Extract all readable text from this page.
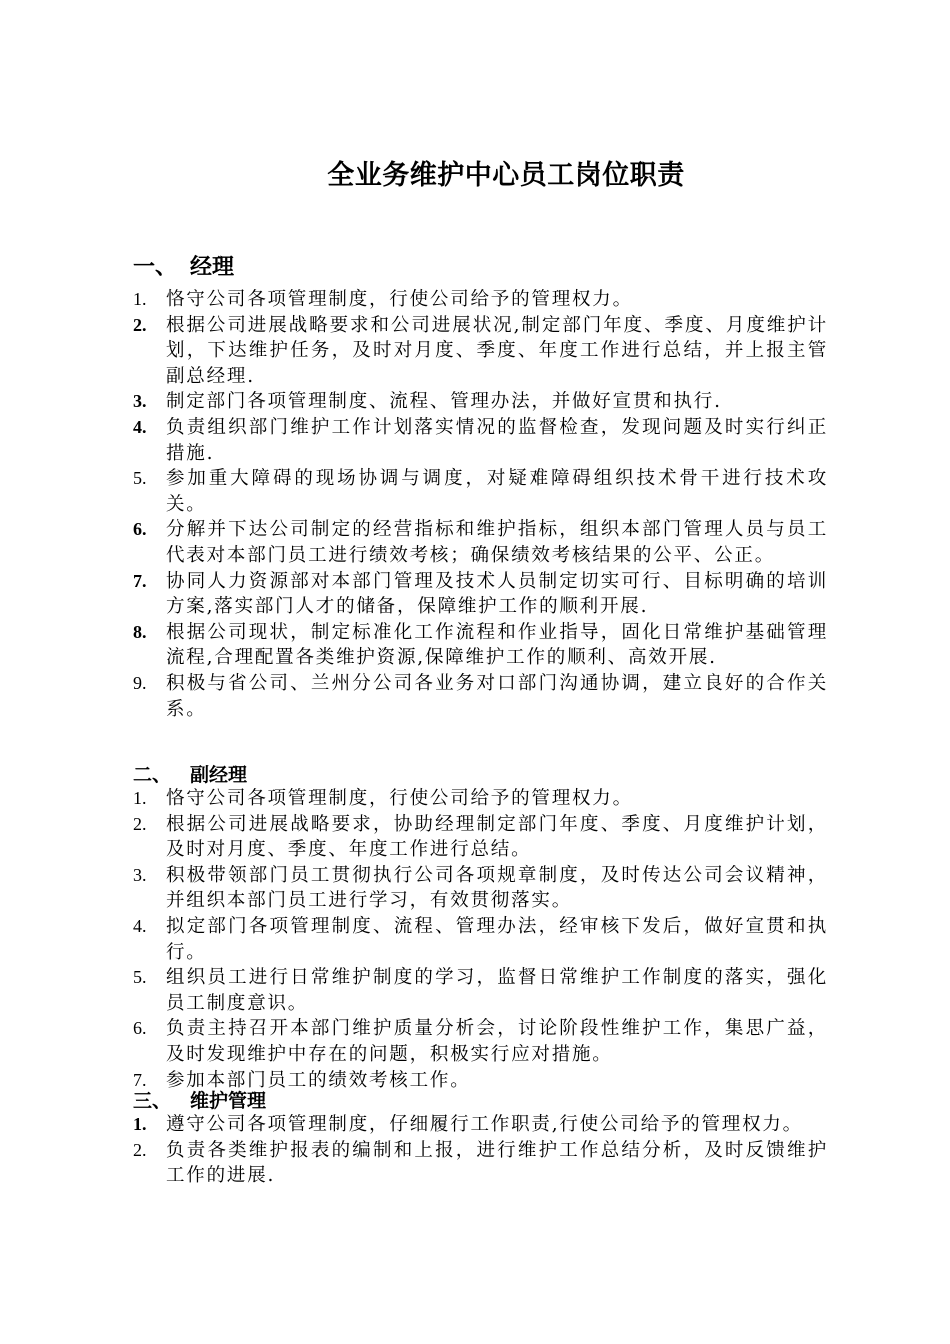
全业务维护中心员工岗位职责
一、 经理
1.	恪守公司各项管理制度，行使公司给予的管理权力。
2.	根据公司进展战略要求和公司进展状况,制定部门年度、季度、月度维护计划，下达维护任务，及时对月度、季度、年度工作进行总结，并上报主管副总经理.
3.	制定部门各项管理制度、流程、管理办法，并做好宣贯和执行.
4.	负责组织部门维护工作计划落实情况的监督检查，发现问题及时实行纠正措施.
5.	参加重大障碍的现场协调与调度，对疑难障碍组织技术骨干进行技术攻关。
6.	分解并下达公司制定的经营指标和维护指标，组织本部门管理人员与员工代表对本部门员工进行绩效考核；确保绩效考核结果的公平、公正。
7.	协同人力资源部对本部门管理及技术人员制定切实可行、目标明确的培训方案,落实部门人才的储备，保障维护工作的顺利开展.
8.	根据公司现状，制定标准化工作流程和作业指导，固化日常维护基础管理流程,合理配置各类维护资源,保障维护工作的顺利、高效开展.
9.	积极与省公司、兰州分公司各业务对口部门沟通协调，建立良好的合作关系。
二、 副经理
1.	恪守公司各项管理制度，行使公司给予的管理权力。
2.	根据公司进展战略要求，协助经理制定部门年度、季度、月度维护计划，及时对月度、季度、年度工作进行总结。
3.	积极带领部门员工贯彻执行公司各项规章制度，及时传达公司会议精神，并组织本部门员工进行学习，有效贯彻落实。
4.	拟定部门各项管理制度、流程、管理办法，经审核下发后，做好宣贯和执行。
5.	组织员工进行日常维护制度的学习，监督日常维护工作制度的落实，强化员工制度意识。
6.	负责主持召开本部门维护质量分析会，讨论阶段性维护工作，集思广益，及时发现维护中存在的问题，积极实行应对措施。
7.	参加本部门员工的绩效考核工作。
三、 维护管理
1.	遵守公司各项管理制度，仔细履行工作职责,行使公司给予的管理权力。
2.	负责各类维护报表的编制和上报，进行维护工作总结分析，及时反馈维护工作的进展.
